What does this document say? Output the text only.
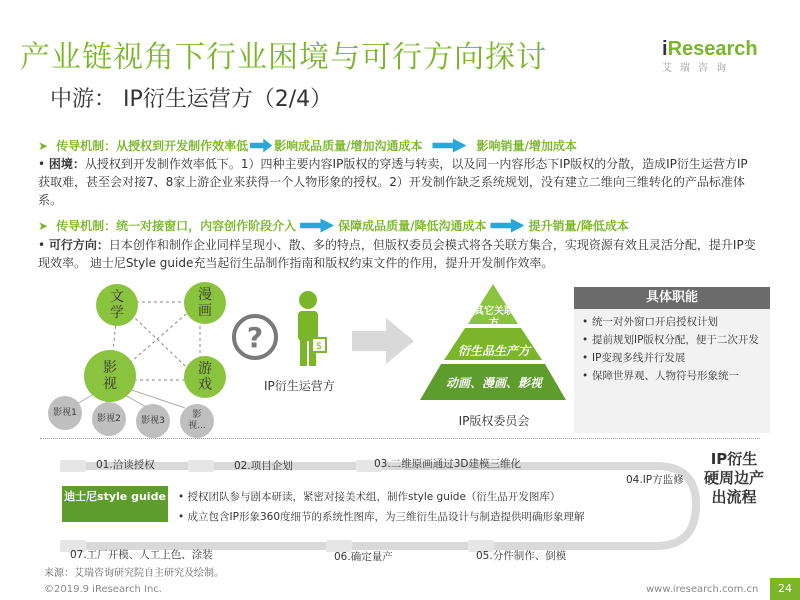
产业链视角下行业困境与可行方向探讨	iResearch
艾瑞咨询
中游： IP衍生运营方（2/4）
➤ 传导机制：从授权到开发制作效率低 影响成品质量/增加沟通成本	影响销量/增加成本
• 困境：从授权到开发制作效率低下。1）四种主要内容IP版权的穿透与转卖，以及同一内容形态下IP版权的分散，造成IP衍生运营方IP获取难，甚至会对接7、8家上游企业来获得一个人物形象的授权。2）开发制作缺乏系统规划，没有建立二维向三维转化的产品标准体系。
➤ 传导机制：统一对接窗口，内容创作阶段介入	保障成品质量/降低沟通成本	提升销量/降低成本
• 可行方向：日本创作和制作企业同样呈现小、散、多的特点，但版权委员会模式将各关联方集合，实现资源有效且灵活分配，提升IP变现效率。 迪士尼Style guide充当起衍生品制作指南和版权约束文件的作用，提升开发制作效率。
文
学
漫
画
影
视
游
戏
影视1
影视2 影视3
影
视...
?	$
IP衍生运营方
其它关联方
衍生品生产方
动画、漫画、影视
IP版权委员会
具体职能
• 统一对外窗口开启授权计划
• 提前规划IP版权分配，便于二次开发
• IP变现多线并行发展
• 保障世界观、人物符号形象统一
01.洽谈授权	02.项目企划	03.二维原画通过3D建模三维化
04.IP方监修
05.分件制作、倒模
06.确定量产
07.工厂开模、人工上色、涂装
迪士尼style guide • 授权团队参与剧本研读，紧密对接美术组，制作style guide（衍生品开发图库）
• 成立包含IP形象360度细节的系统性图库，为三维衍生品设计与制造提供明确形象理解
IP衍生硬周边产出流程
来源：艾瑞咨询研究院自主研究及绘制。
©2019.9 iResearch Inc.	www.iresearch.com.cn	24
